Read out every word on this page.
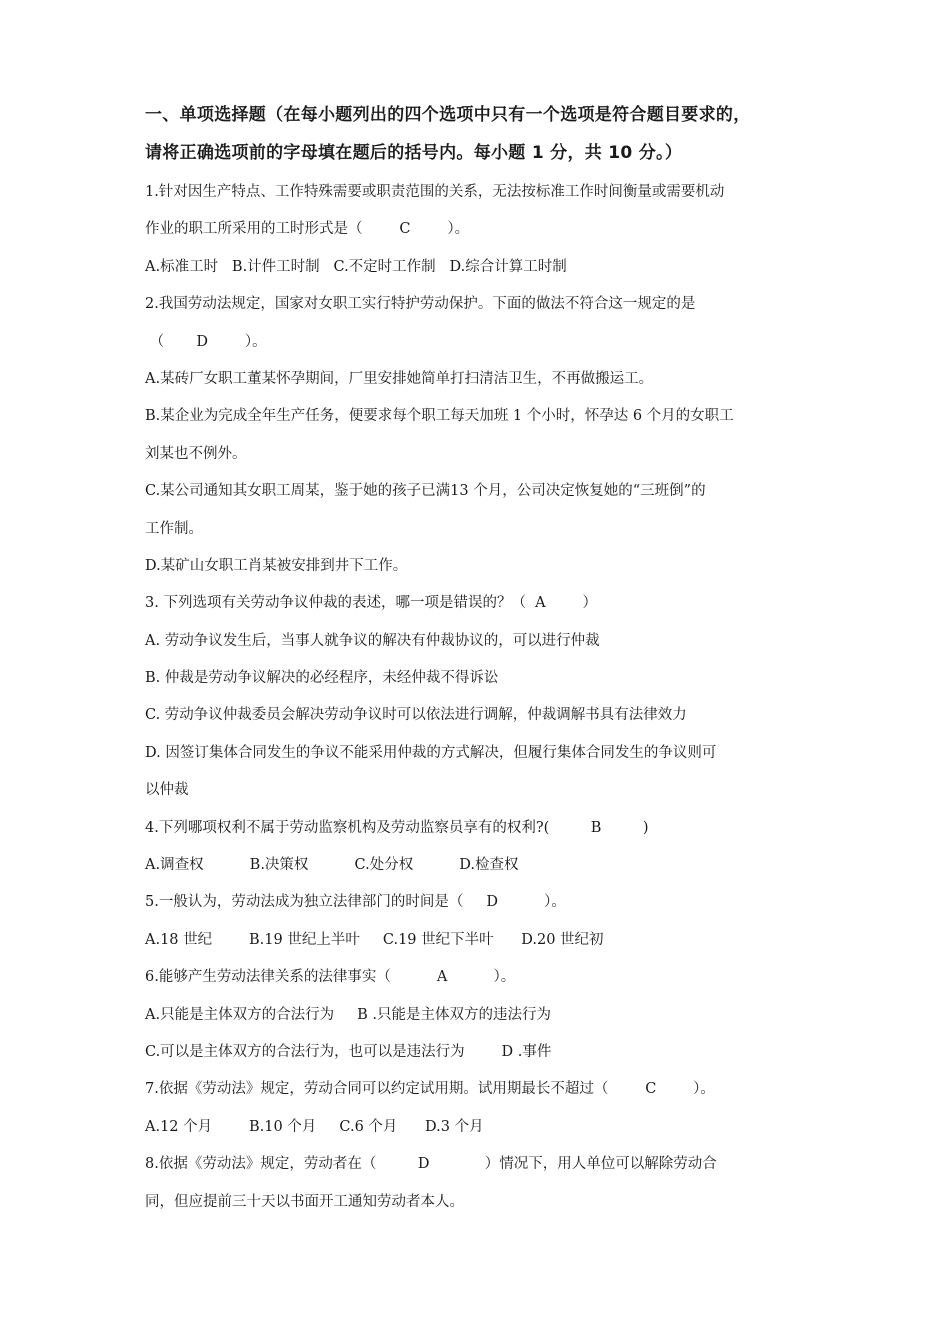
一、单项选择题（在每小题列出的四个选项中只有一个选项是符合题目要求的，

请将正确选项前的字母填在题后的括号内。每小题 1 分，共 10 分。）

1.针对因生产特点、工作特殊需要或职责范围的关系，无法按标准工作时间衡量或需要机动

作业的职工所采用的工时形式是（        C        ）。

A.标准工时   B.计件工时制   C.不定时工作制   D.综合计算工时制

2.我国劳动法规定，国家对女职工实行特护劳动保护。下面的做法不符合这一规定的是

（       D        ）。

A.某砖厂女职工董某怀孕期间，厂里安排她简单打扫清洁卫生，不再做搬运工。

B.某企业为完成全年生产任务，便要求每个职工每天加班 1 个小时，怀孕达 6 个月的女职工

刘某也不例外。

C.某公司通知其女职工周某，鉴于她的孩子已满13 个月，公司决定恢复她的“三班倒”的

工作制。

D.某矿山女职工肖某被安排到井下工作。

3. 下列选项有关劳动争议仲裁的表述，哪一项是错误的？（  A        ）

A. 劳动争议发生后，当事人就争议的解决有仲裁协议的，可以进行仲裁

B. 仲裁是劳动争议解决的必经程序，未经仲裁不得诉讼

C. 劳动争议仲裁委员会解决劳动争议时可以依法进行调解，仲裁调解书具有法律效力

D. 因签订集体合同发生的争议不能采用仲裁的方式解决，但履行集体合同发生的争议则可

以仲裁

4.下列哪项权利不属于劳动监察机构及劳动监察员享有的权利?(         B         )

A.调查权          B.决策权          C.处分权          D.检查权

5.一般认为，劳动法成为独立法律部门的时间是（     D          ）。

A.18 世纪        B.19 世纪上半叶     C.19 世纪下半叶      D.20 世纪初

6.能够产生劳动法律关系的法律事实（          A          ）。

A.只能是主体双方的合法行为     B .只能是主体双方的违法行为

C.可以是主体双方的合法行为，也可以是违法行为        D .事件

7.依据《劳动法》规定，劳动合同可以约定试用期。试用期最长不超过（        C        ）。

A.12 个月        B.10 个月     C.6 个月      D.3 个月

8.依据《劳动法》规定，劳动者在（         D            ）情况下，用人单位可以解除劳动合

同，但应提前三十天以书面开工通知劳动者本人。
